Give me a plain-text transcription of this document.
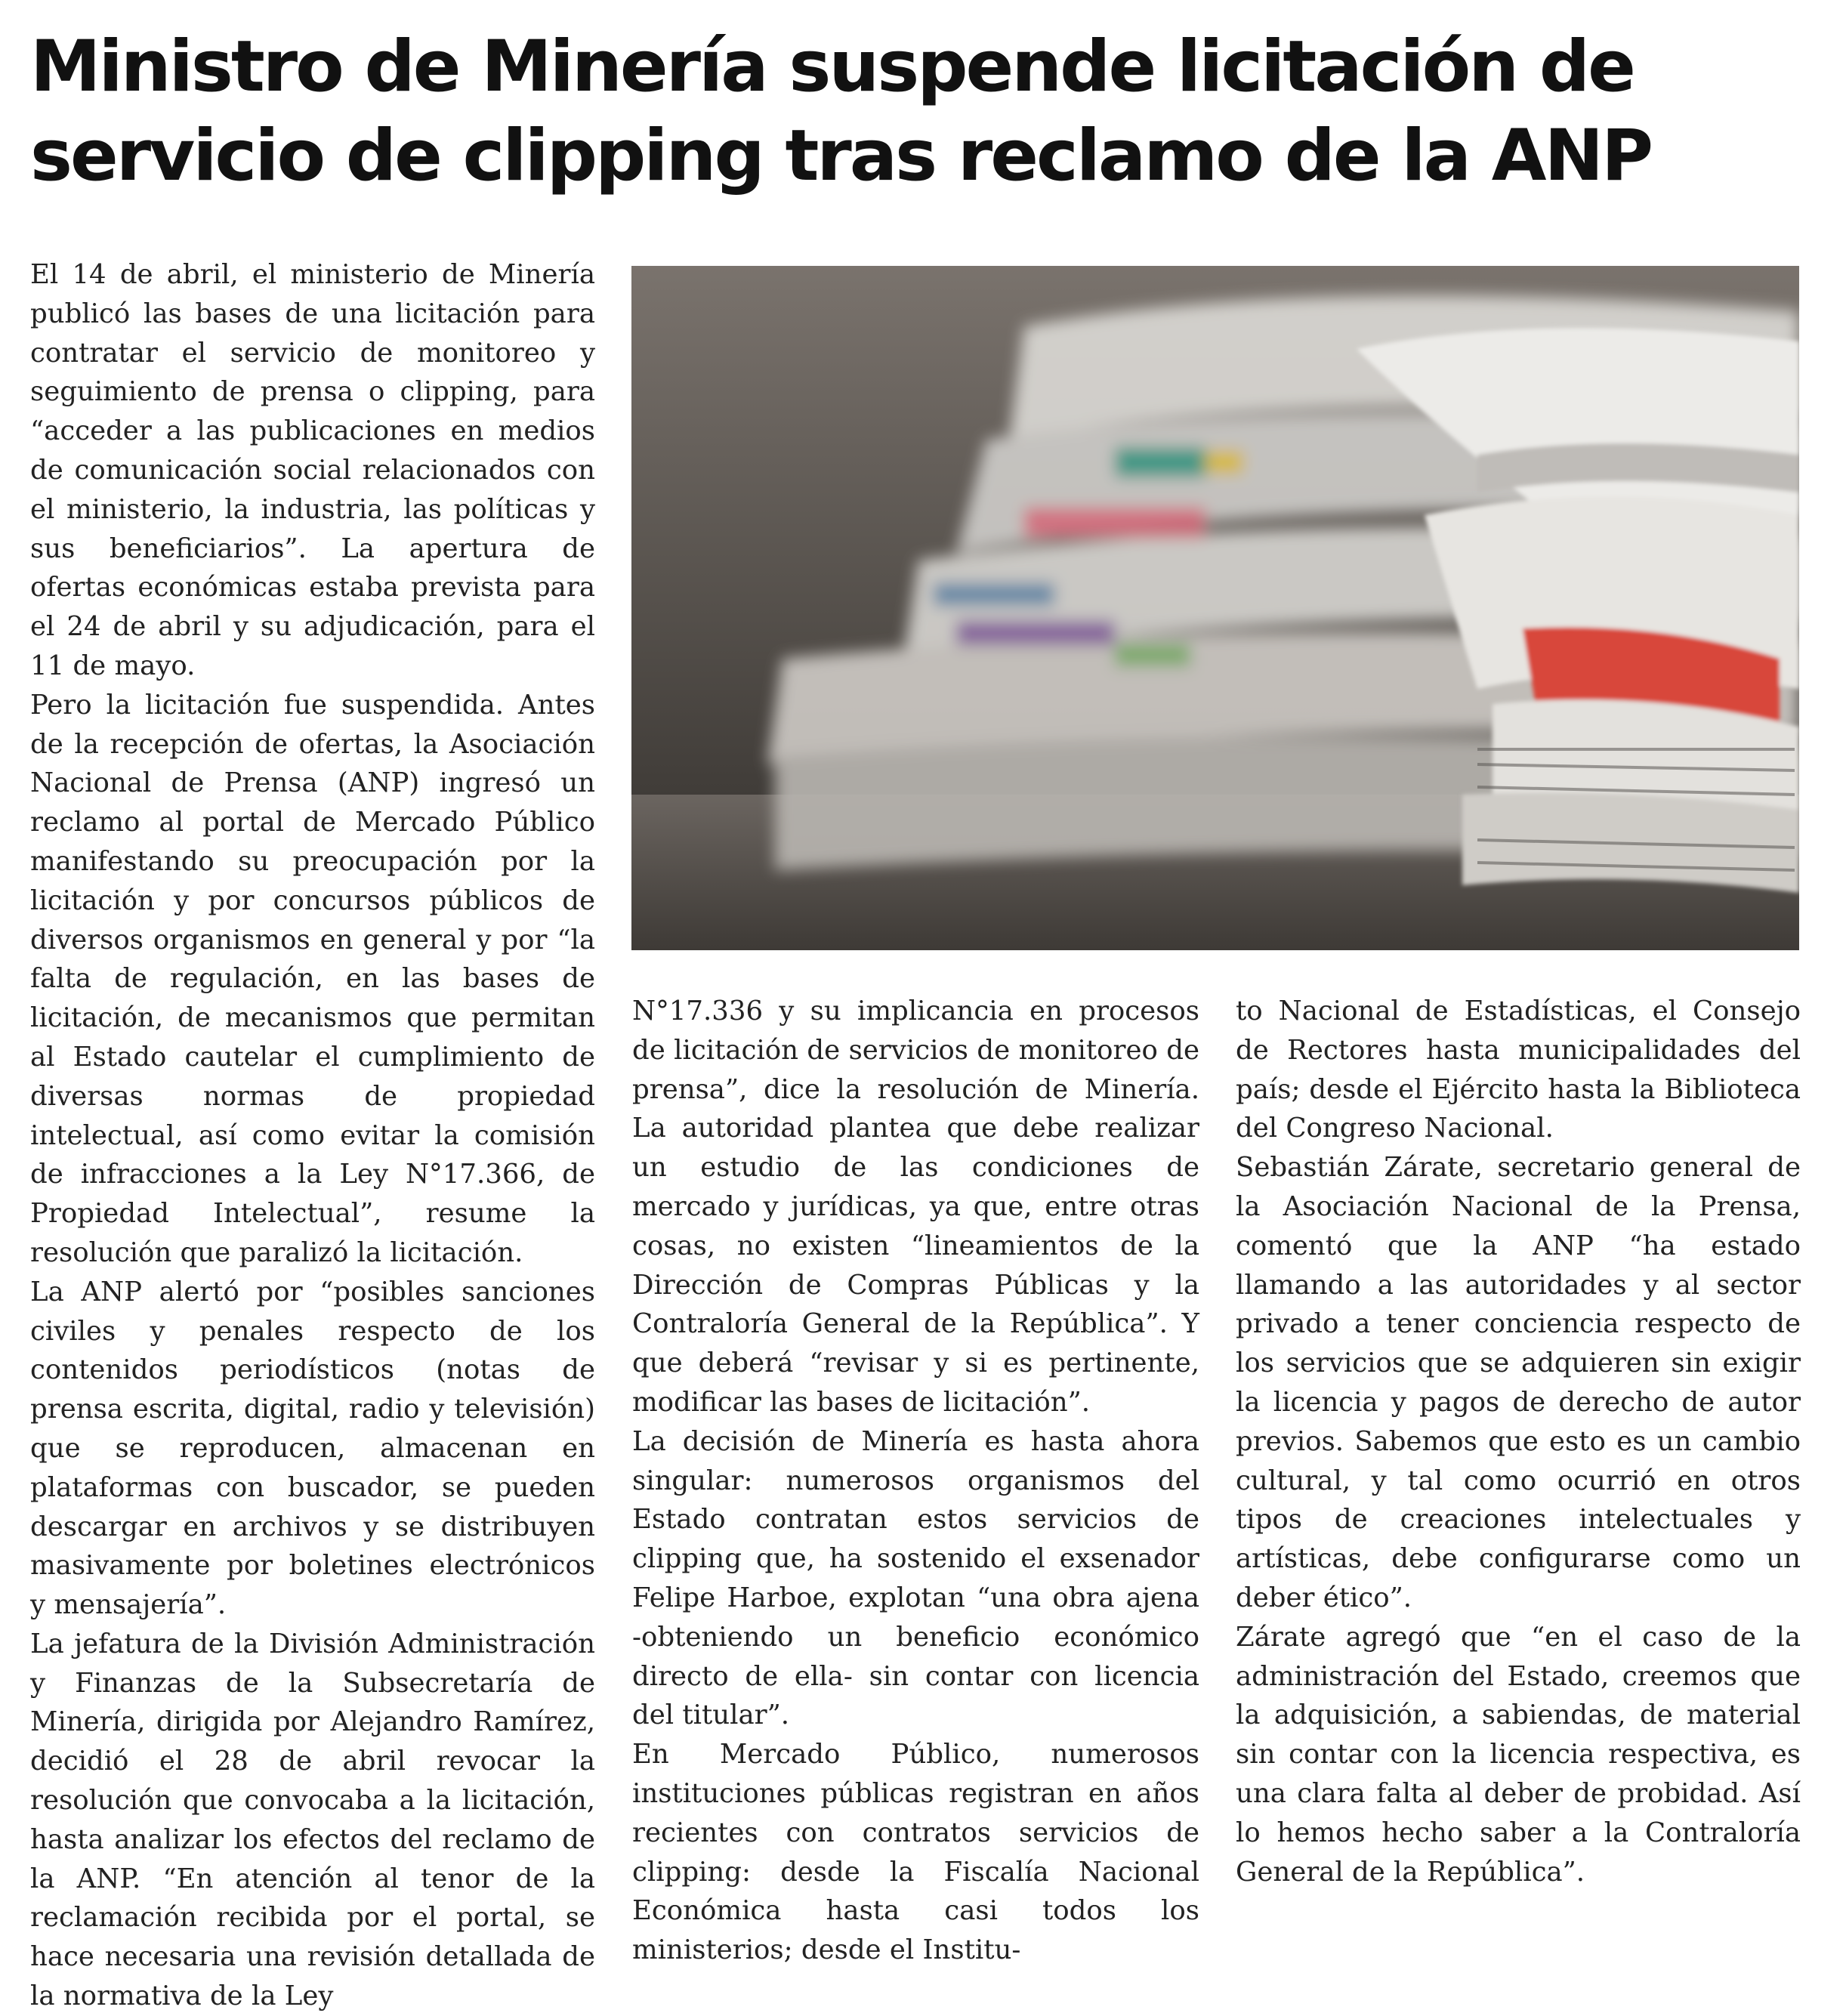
Ministro de Minería suspende licitación de servicio de clipping tras reclamo de la ANP

El 14 de abril, el ministerio de Minería publicó las bases de una licitación para contratar el servicio de monitoreo y seguimiento de prensa o clipping, para “acceder a las publicaciones en medios de comunicación social relacionados con el ministerio, la industria, las políticas y sus beneficiarios”. La apertura de ofertas económicas estaba prevista para el 24 de abril y su adjudicación, para el 11 de mayo.

Pero la licitación fue suspendida. Antes de la recepción de ofertas, la Asociación Nacional de Prensa (ANP) ingresó un reclamo al portal de Mercado Público manifestando su preocupación por la licitación y por concursos públicos de diversos organismos en general y por “la falta de regulación, en las bases de licitación, de mecanismos que permitan al Estado cautelar el cumplimiento de diversas normas de propiedad intelectual, así como evitar la comisión de infracciones a la Ley N°17.366, de Propiedad Intelectual”, resume la resolución que paralizó la licitación.

La ANP alertó por “posibles sanciones civiles y penales respecto de los contenidos periodísticos (notas de prensa escrita, digital, radio y televisión) que se reproducen, almacenan en plataformas con buscador, se pueden descargar en archivos y se distribuyen masivamente por boletines electrónicos y mensajería”.

La jefatura de la División Administración y Finanzas de la Subsecretaría de Minería, dirigida por Alejandro Ramírez, decidió el 28 de abril revocar la resolución que convocaba a la licitación, hasta analizar los efectos del reclamo de la ANP. “En atención al tenor de la reclamación recibida por el portal, se hace necesaria una revisión detallada de la normativa de la Ley

N°17.336 y su implicancia en procesos de licitación de servicios de monitoreo de prensa”, dice la resolución de Minería. La autoridad plantea que debe realizar un estudio de las condiciones de mercado y jurídicas, ya que, entre otras cosas, no existen “lineamientos de la Dirección de Compras Públicas y la Contraloría General de la República”. Y que deberá “revisar y si es pertinente, modificar las bases de licitación”.

La decisión de Minería es hasta ahora singular: numerosos organismos del Estado contratan estos servicios de clipping que, ha sostenido el exsenador Felipe Harboe, explotan “una obra ajena -obteniendo un beneficio económico directo de ella- sin contar con licencia del titular”.

En Mercado Público, numerosos instituciones públicas registran en años recientes con contratos servicios de clipping: desde la Fiscalía Nacional Económica hasta casi todos los ministerios; desde el Institu-

to Nacional de Estadísticas, el Consejo de Rectores hasta municipalidades del país; desde el Ejército hasta la Biblioteca del Congreso Nacional.

Sebastián Zárate, secretario general de la Asociación Nacional de la Prensa, comentó que la ANP “ha estado llamando a las autoridades y al sector privado a tener conciencia respecto de los servicios que se adquieren sin exigir la licencia y pagos de derecho de autor previos. Sabemos que esto es un cambio cultural, y tal como ocurrió en otros tipos de creaciones intelectuales y artísticas, debe configurarse como un deber ético”.

Zárate agregó que “en el caso de la administración del Estado, creemos que la adquisición, a sabiendas, de material sin contar con la licencia respectiva, es una clara falta al deber de probidad. Así lo hemos hecho saber a la Contraloría General de la República”.
